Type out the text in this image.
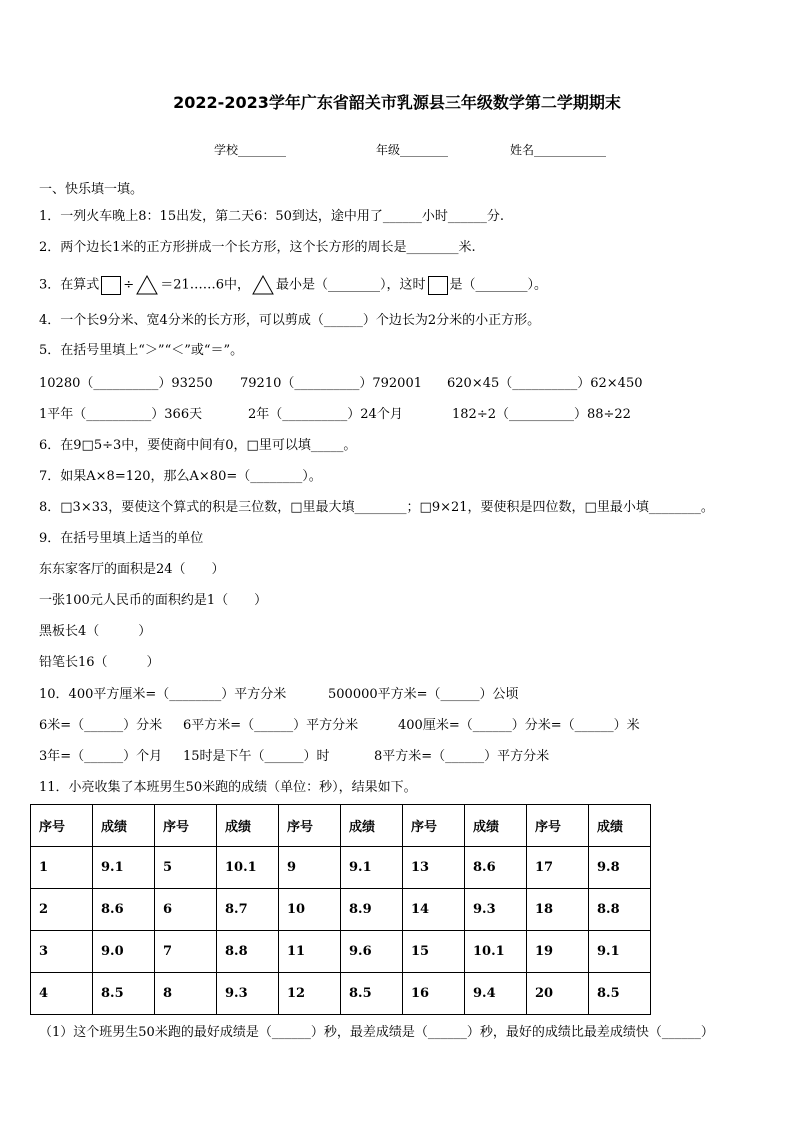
2022-2023学年广东省韶关市乳源县三年级数学第二学期期末
学校________	年级________	姓名____________
一、快乐填一填。
1．一列火车晚上8：15出发，第二天6：50到达，途中用了______小时______分.
2．两个边长1米的正方形拼成一个长方形，这个长方形的周长是________米.
3．在算式 ÷ ＝21……6中， 最小是（________），这时 是（________）。
4．一个长9分米、宽4分米的长方形，可以剪成（______）个边长为2分米的小正方形。
5．在括号里填上“＞”“＜”或“＝”。
10280（__________）93250 79210（__________）792001 620×45（__________）62×450
1平年（__________）366天	2年（__________）24个月	182÷2（__________）88÷22
6．在9□5÷3中，要使商中间有0，□里可以填_____。
7．如果A×8=120，那么A×80=（________）。
8．□3×33，要使这个算式的积是三位数，□里最大填________；□9×21，要使积是四位数，□里最小填________。
9．在括号里填上适当的单位
东东家客厅的面积是24（　　）
一张100元人民币的面积约是1（　　）
黑板长4（　　　）
铅笔长16（　　　）
10．400平方厘米=（________）平方分米	500000平方米=（______）公顷
6米=（______）分米 6平方米=（______）平方分米	400厘米=（______）分米=（______）米
3年=（______）个月 15时是下午（______）时	8平方米=（______）平方分米
11．小亮收集了本班男生50米跑的成绩（单位：秒），结果如下。
序号	成绩	序号	成绩	序号	成绩	序号	成绩	序号	成绩
1	9.1	5	10.1	9	9.1	13	8.6	17	9.8
2	8.6	6	8.7	10	8.9	14	9.3	18	8.8
3	9.0	7	8.8	11	9.6	15	10.1	19	9.1
4	8.5	8	9.3	12	8.5	16	9.4	20	8.5
（1）这个班男生50米跑的最好成绩是（______）秒，最差成绩是（______）秒，最好的成绩比最差成绩快（______）
